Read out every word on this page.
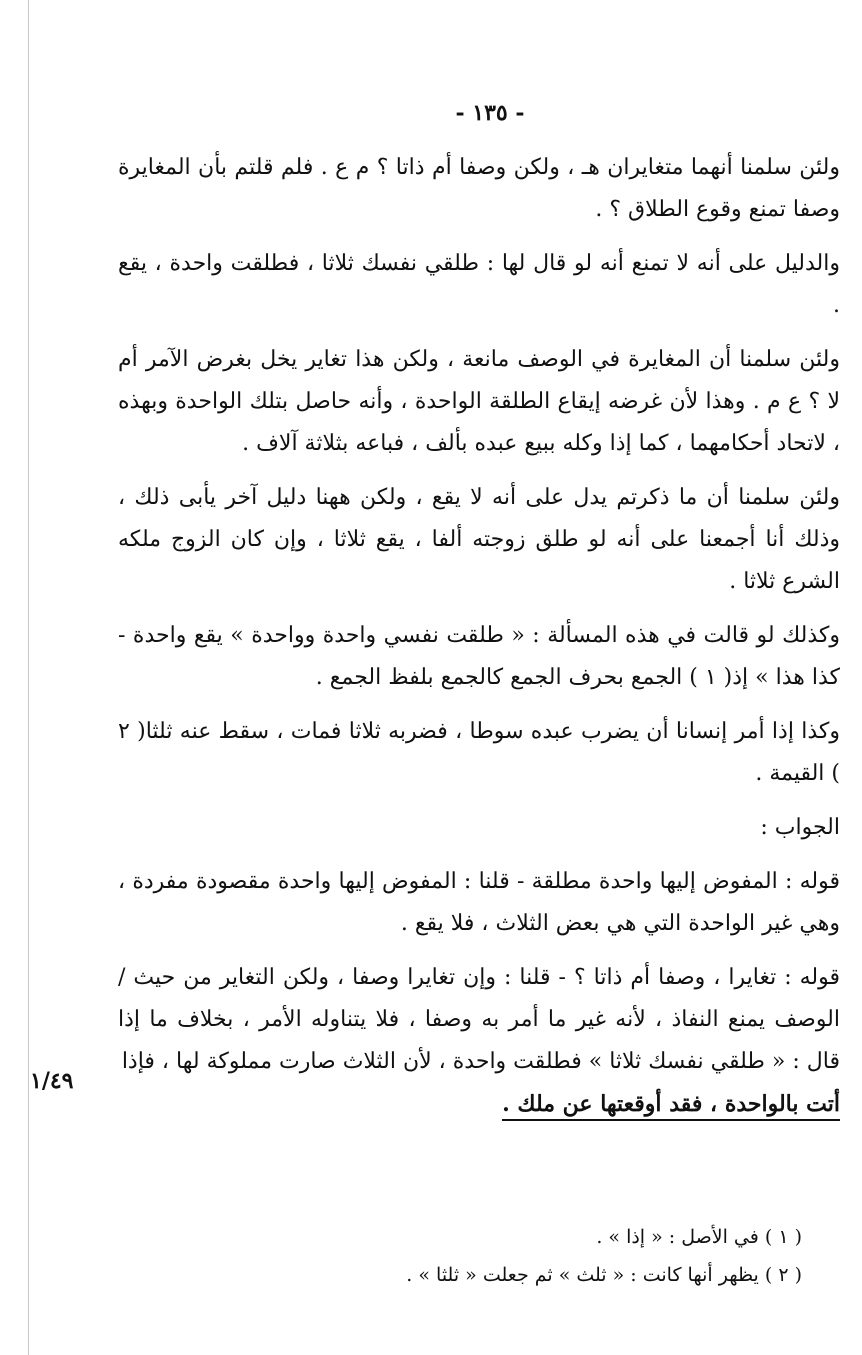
- ١٣٥ -
١/٤٩

ولئن سلمنا أنهما متغايران هـ ، ولكن وصفا أم ذاتا ؟ م ع . فلم قلتم بأن المغايرة وصفا تمنع وقوع الطلاق ؟ .

والدليل على أنه لا تمنع أنه لو قال لها : طلقي نفسك ثلاثا ، فطلقت واحدة ، يقع .

ولئن سلمنا أن المغايرة في الوصف مانعة ، ولكن هذا تغاير يخل بغرض الآمر أم لا ؟ ع م . وهذا لأن غرضه إيقاع الطلقة الواحدة ، وأنه حاصل بتلك الواحدة وبهذه ، لاتحاد أحكامهما ، كما إذا وكله ببيع عبده بألف ، فباعه بثلاثة آلاف .

ولئن سلمنا أن ما ذكرتم يدل على أنه لا يقع ، ولكن ههنا دليل آخر يأبى ذلك ، وذلك أنا أجمعنا على أنه لو طلق زوجته ألفا ، يقع ثلاثا ، وإن كان الزوج ملكه الشرع ثلاثا .

وكذلك لو قالت في هذه المسألة : « طلقت نفسي واحدة وواحدة » يقع واحدة - كذا هذا » إذ( ١ ) الجمع بحرف الجمع كالجمع بلفظ الجمع .

وكذا إذا أمر إنسانا أن يضرب عبده سوطا ، فضربه ثلاثا فمات ، سقط عنه ثلثا( ٢ ) القيمة .

الجواب :

قوله : المفوض إليها واحدة مطلقة - قلنا : المفوض إليها واحدة مقصودة مفردة ، وهي غير الواحدة التي هي بعض الثلاث ، فلا يقع .

قوله : تغايرا ، وصفا أم ذاتا ؟ - قلنا : وإن تغايرا وصفا ، ولكن التغاير من حيث / الوصف يمنع النفاذ ، لأنه غير ما أمر به وصفا ، فلا يتناوله الأمر ، بخلاف ما إذا قال : « طلقي نفسك ثلاثا » فطلقت واحدة ، لأن الثلاث صارت مملوكة لها ، فإذا

أتت بالواحدة ، فقد أوقعتها عن ملك .

( ١ ) في الأصل : « إذا » .

( ٢ ) يظهر أنها كانت : « ثلث » ثم جعلت « ثلثا » .
